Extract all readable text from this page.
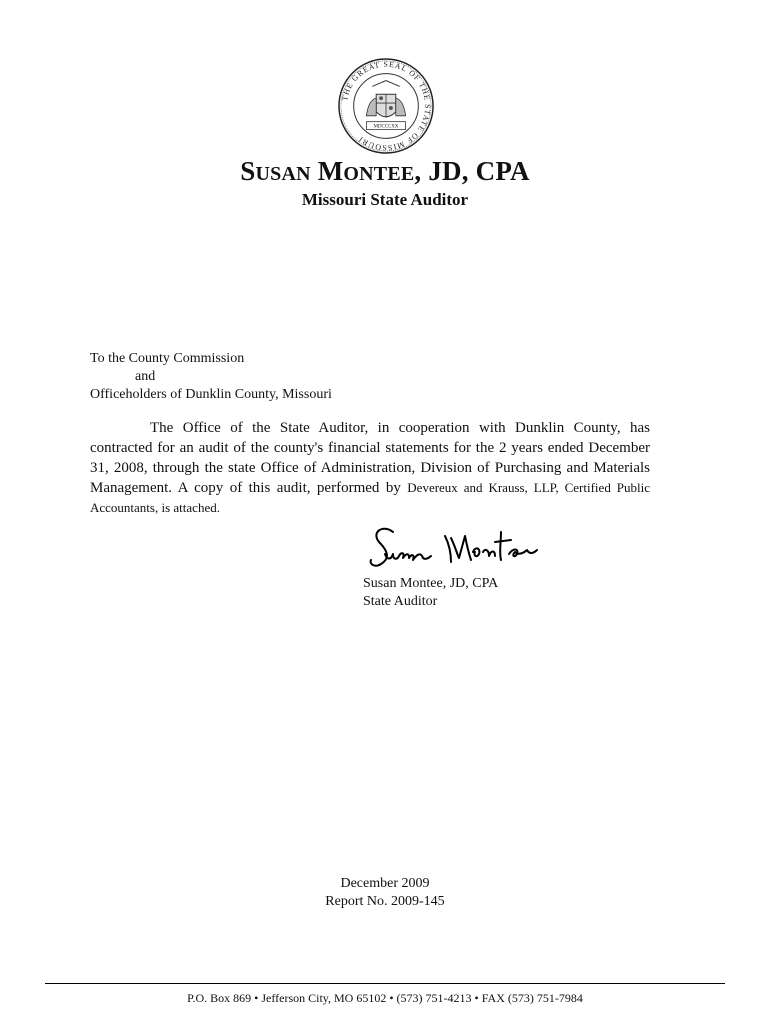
THE GREAT SEAL OF THE STATE OF MISSOURI
MDCCCXX
SUSAN MONTEE, JD, CPA
Missouri State Auditor
To the County Commission
and
Officeholders of Dunklin County, Missouri
The Office of the State Auditor, in cooperation with Dunklin County, has contracted for an audit of the county's financial statements for the 2 years ended December 31, 2008, through the state Office of Administration, Division of Purchasing and Materials Management. A copy of this audit, performed by Devereux and Krauss, LLP, Certified Public Accountants, is attached.
Susan Montee, JD, CPA
State Auditor
December 2009
Report No. 2009-145
P.O. Box 869 • Jefferson City, MO 65102 • (573) 751-4213 • FAX (573) 751-7984
